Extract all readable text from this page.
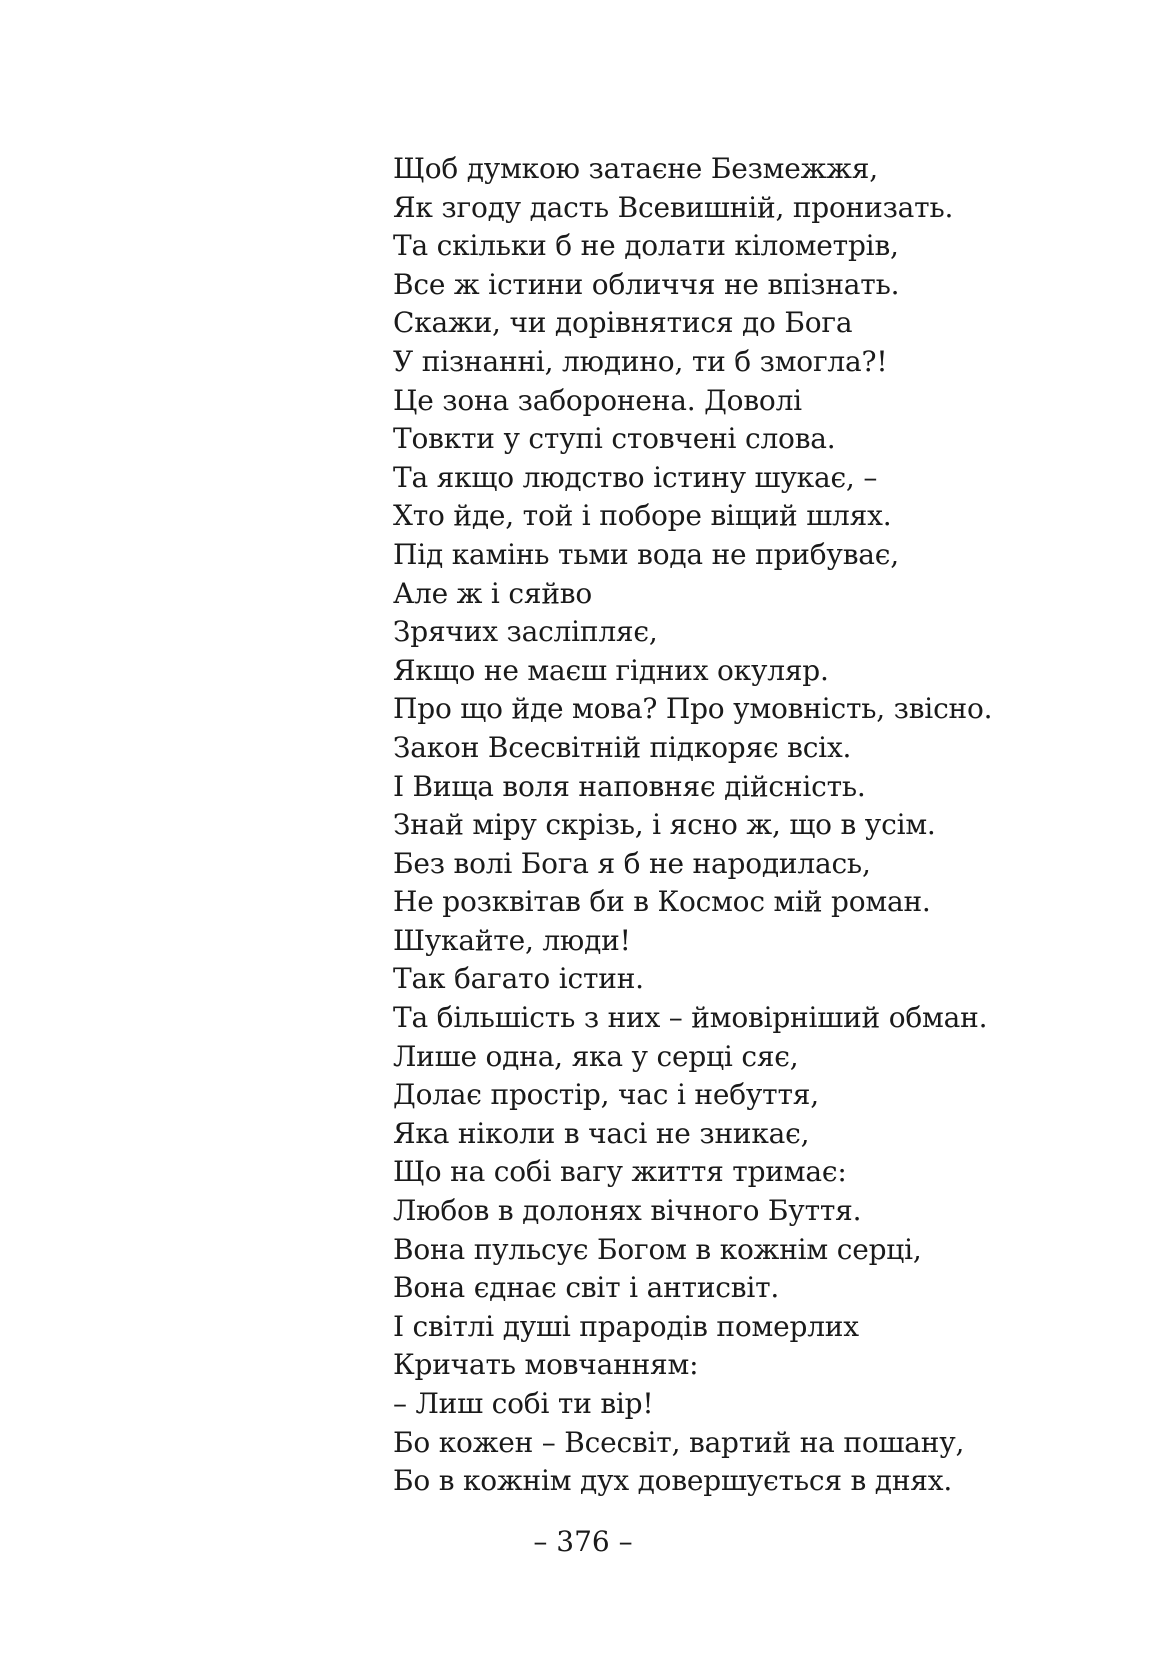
Щоб думкою затаєне Безмежжя,
Як згоду дасть Всевишній, пронизать.
Та скільки б не долати кілометрів,
Все ж істини обличчя не впізнать.
Скажи, чи дорівнятися до Бога
У пізнанні, людино, ти б змогла?!
Це зона заборонена. Доволі
Товкти у ступі стовчені слова.
Та якщо людство істину шукає, –
Хто йде, той і поборе віщий шлях.
Під камінь тьми вода не прибуває,
Але ж і сяйво
Зрячих засліпляє,
Якщо не маєш гідних окуляр.
Про що йде мова? Про умовність, звісно.
Закон Всесвітній підкоряє всіх.
І Вища воля наповняє дійсність.
Знай міру скрізь, і ясно ж, що в усім.
Без волі Бога я б не народилась,
Не розквітав би в Космос мій роман.
Шукайте, люди!
Так багато істин.
Та більшість з них – ймовірніший обман.
Лише одна, яка у серці сяє,
Долає простір, час і небуття,
Яка ніколи в часі не зникає,
Що на собі вагу життя тримає:
Любов в долонях вічного Буття.
Вона пульсує Богом в кожнім серці,
Вона єднає світ і антисвіт.
І світлі душі прародів померлих
Кричать мовчанням:
– Лиш собі ти вір!
Бо кожен – Всесвіт, вартий на пошану,
Бо в кожнім дух довершується в днях.
– 376 –
